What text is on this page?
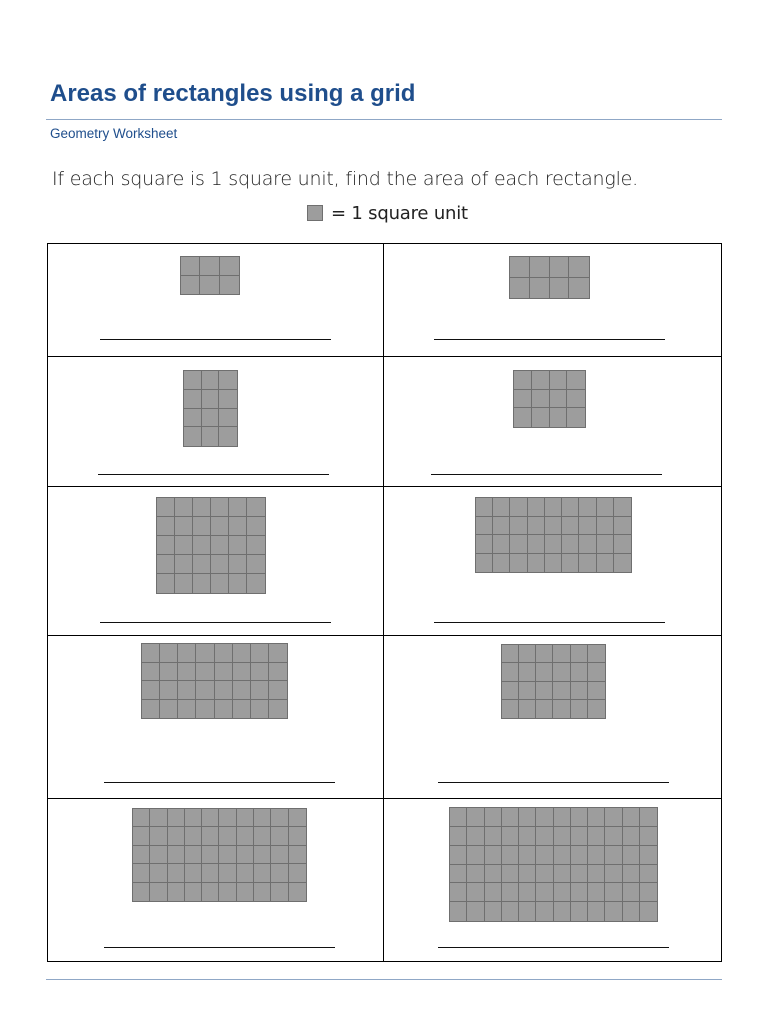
Areas of rectangles using a grid
Geometry Worksheet
If each square is 1 square unit, find the area of each rectangle.
= 1 square unit
